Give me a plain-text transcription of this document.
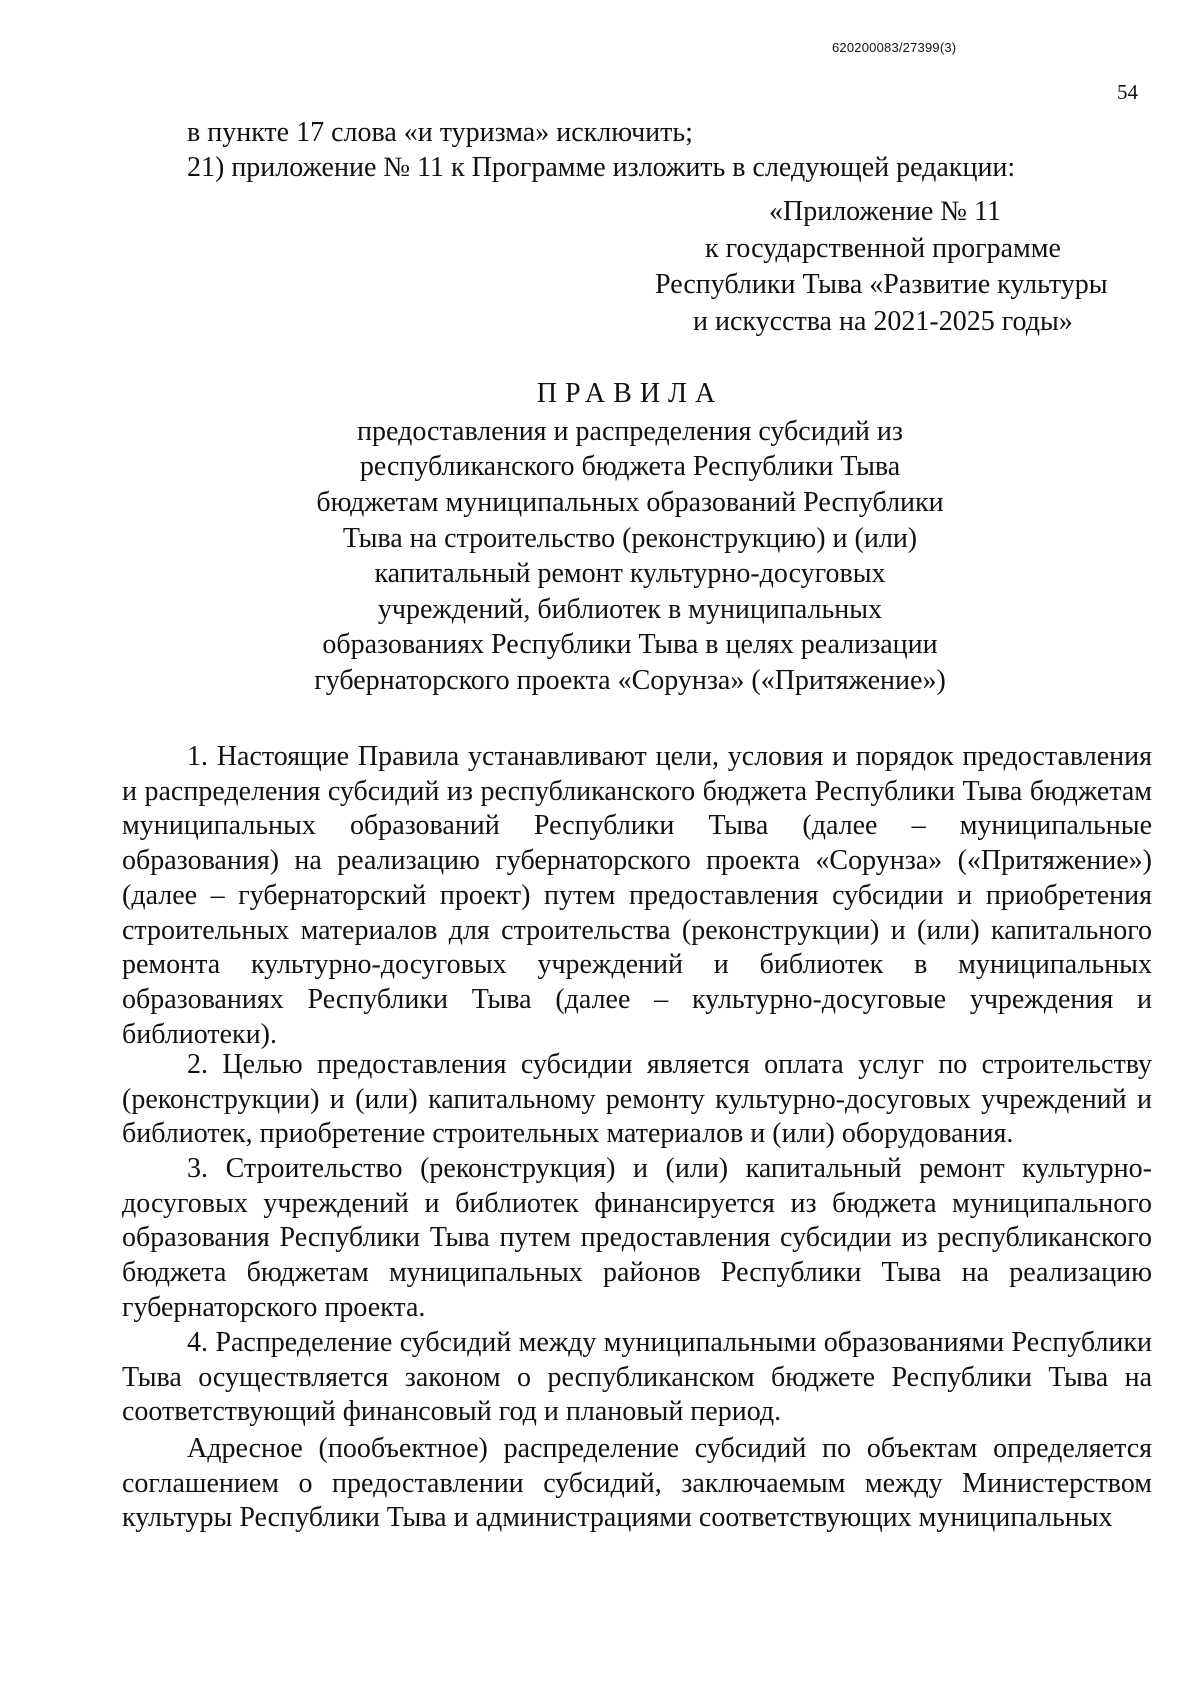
620200083/27399(3)
54
в пункте 17 слова «и туризма» исключить;
21) приложение № 11 к Программе изложить в следующей редакции:
«Приложение № 11
к государственной программе
Республики Тыва «Развитие культуры
и искусства на 2021-2025 годы»
ПРАВИЛА
предоставления и распределения субсидий из
республиканского бюджета Республики Тыва
бюджетам муниципальных образований Республики
Тыва на строительство (реконструкцию) и (или)
капитальный ремонт культурно-досуговых
учреждений, библиотек в муниципальных
образованиях Республики Тыва в целях реализации
губернаторского проекта «Сорунза» («Притяжение»)
1. Настоящие Правила устанавливают цели, условия и порядок предоставления и распределения субсидий из республиканского бюджета Республики Тыва бюджетам муниципальных образований Республики Тыва (далее – муниципальные образования) на реализацию губернаторского проекта «Сорунза» («Притяжение») (далее – губернаторский проект) путем предоставления субсидии и приобретения строительных материалов для строительства (реконструкции) и (или) капитального ремонта культурно-досуговых учреждений и библиотек в муниципальных образованиях Республики Тыва (далее – культурно-досуговые учреждения и библиотеки).
2. Целью предоставления субсидии является оплата услуг по строительству (реконструкции) и (или) капитальному ремонту культурно-досуговых учреждений и библиотек, приобретение строительных материалов и (или) оборудования.
3. Строительство (реконструкция) и (или) капитальный ремонт культурно-досуговых учреждений и библиотек финансируется из бюджета муниципального образования Республики Тыва путем предоставления субсидии из республиканского бюджета бюджетам муниципальных районов Республики Тыва на реализацию губернаторского проекта.
4. Распределение субсидий между муниципальными образованиями Республики Тыва осуществляется законом о республиканском бюджете Республики Тыва на соответствующий финансовый год и плановый период.
Адресное (пообъектное) распределение субсидий по объектам определяется соглашением о предоставлении субсидий, заключаемым между Министерством культуры Республики Тыва и администрациями соответствующих муниципальных
